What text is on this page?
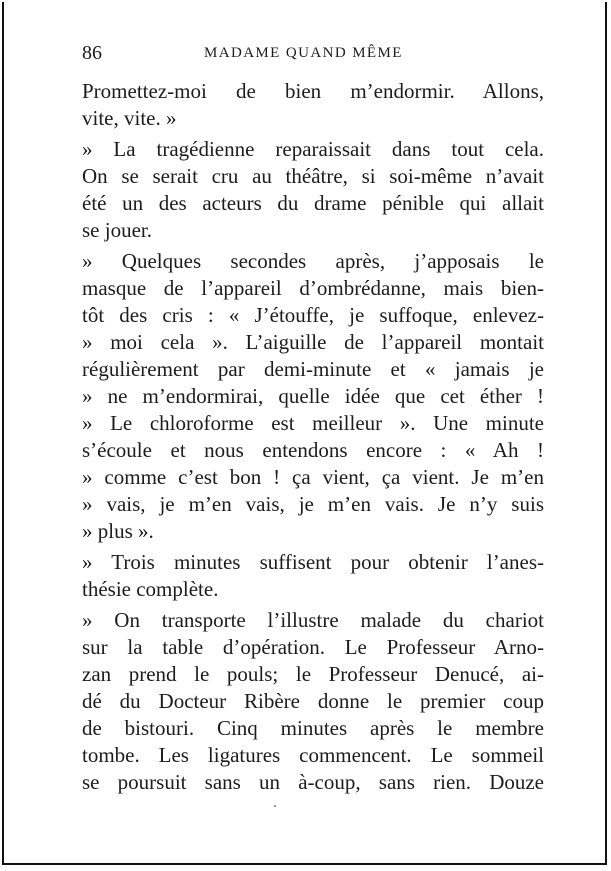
86	MADAME QUAND MÊME
Promettez-moi de bien m’endormir. Allons,
vite, vite. »
» La tragédienne reparaissait dans tout cela.
On se serait cru au théâtre, si soi-même n’avait
été un des acteurs du drame pénible qui allait
se jouer.
» Quelques secondes après, j’apposais le
masque de l’appareil d’ombrédanne, mais bien-
tôt des cris : « J’étouffe, je suffoque, enlevez-
» moi cela ». L’aiguille de l’appareil montait
régulièrement par demi-minute et « jamais je
» ne m’endormirai, quelle idée que cet éther !
» Le chloroforme est meilleur ». Une minute
s’écoule et nous entendons encore : « Ah !
» comme c’est bon ! ça vient, ça vient. Je m’en
» vais, je m’en vais, je m’en vais. Je n’y suis
» plus ».
» Trois minutes suffisent pour obtenir l’anes-
thésie complète.
» On transporte l’illustre malade du chariot
sur la table d’opération. Le Professeur Arno-
zan prend le pouls; le Professeur Denucé, ai-
dé du Docteur Ribère donne le premier coup
de bistouri. Cinq minutes après le membre
tombe. Les ligatures commencent. Le sommeil
se poursuit sans un à-coup, sans rien. Douze
